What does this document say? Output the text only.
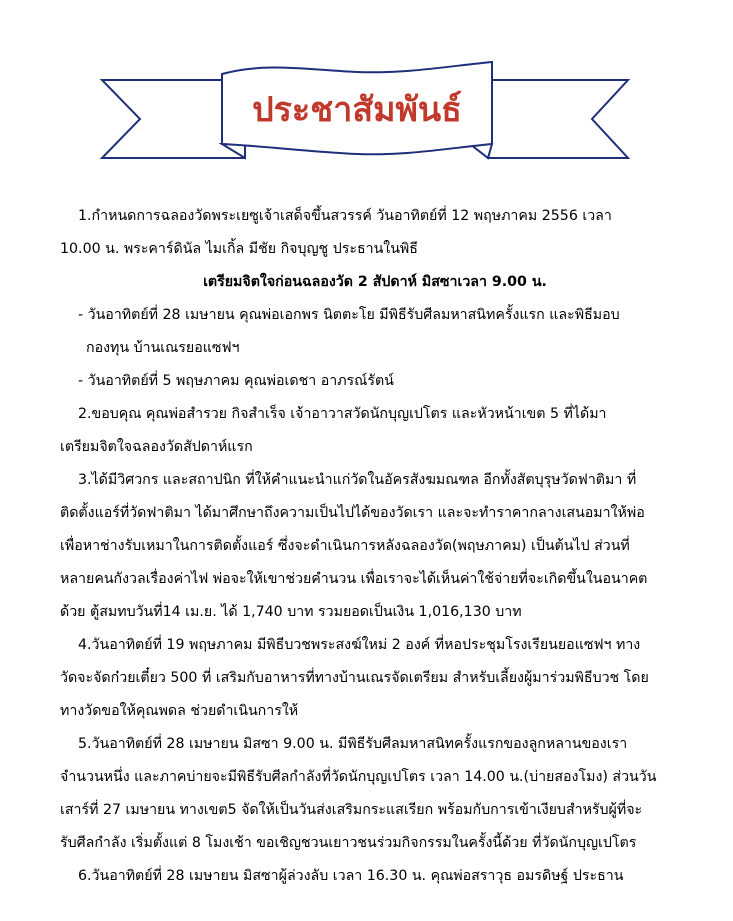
ประชาสัมพันธ์
1.กำหนดการฉลองวัดพระเยซูเจ้าเสด็จขึ้นสวรรค์ วันอาทิตย์ที่ 12 พฤษภาคม 2556 เวลา
10.00 น. พระคาร์ดินัล ไมเกิ้ล มีชัย กิจบุญชู ประธานในพิธี
เตรียมจิตใจก่อนฉลองวัด 2 สัปดาห์ มิสซาเวลา 9.00 น.
- วันอาทิตย์ที่ 28 เมษายน คุณพ่อเอกพร นิตตะโย มีพิธีรับศีลมหาสนิทครั้งแรก และพิธีมอบ
กองทุน บ้านเณรยอแซฟฯ
- วันอาทิตย์ที่ 5 พฤษภาคม คุณพ่อเดชา อาภรณ์รัตน์
2.ขอบคุณ คุณพ่อสำรวย กิจสำเร็จ เจ้าอาวาสวัดนักบุญเปโตร และหัวหน้าเขต 5 ที่ได้มา
เตรียมจิตใจฉลองวัดสัปดาห์แรก
3.ได้มีวิศวกร และสถาปนิก ที่ให้คำแนะนำแก่วัดในอัครสังฆมณฑล อีกทั้งสัตบุรุษวัดฟาติมา ที่
ติดตั้งแอร์ที่วัดฟาติมา ได้มาศึกษาถึงความเป็นไปได้ของวัดเรา และจะทำราคากลางเสนอมาให้พ่อ
เพื่อหาช่างรับเหมาในการติดตั้งแอร์ ซึ่งจะดำเนินการหลังฉลองวัด(พฤษภาคม) เป็นต้นไป ส่วนที่
หลายคนกังวลเรื่องค่าไฟ พ่อจะให้เขาช่วยคำนวน เพื่อเราจะได้เห็นค่าใช้จ่ายที่จะเกิดขึ้นในอนาคต
ด้วย ตู้สมทบวันที่14 เม.ย. ได้ 1,740 บาท รวมยอดเป็นเงิน 1,016,130 บาท
4.วันอาทิตย์ที่ 19 พฤษภาคม มีพิธีบวชพระสงฆ์ใหม่ 2 องค์ ที่หอประชุมโรงเรียนยอแซฟฯ ทาง
วัดจะจัดก๋วยเตี๋ยว 500 ที่ เสริมกับอาหารที่ทางบ้านเณรจัดเตรียม สำหรับเลี้ยงผู้มาร่วมพิธีบวช โดย
ทางวัดขอให้คุณพดล ช่วยดำเนินการให้
5.วันอาทิตย์ที่ 28 เมษายน มิสซา 9.00 น. มีพิธีรับศีลมหาสนิทครั้งแรกของลูกหลานของเรา
จำนวนหนึ่ง และภาคบ่ายจะมีพิธีรับศีลกำลังที่วัดนักบุญเปโตร เวลา 14.00 น.(บ่ายสองโมง) ส่วนวัน
เสาร์ที่ 27 เมษายน ทางเขต5 จัดให้เป็นวันส่งเสริมกระแสเรียก พร้อมกับการเข้าเงียบสำหรับผู้ที่จะ
รับศีลกำลัง เริ่มตั้งแต่ 8 โมงเช้า ขอเชิญชวนเยาวชนร่วมกิจกรรมในครั้งนี้ด้วย ที่วัดนักบุญเปโตร
6.วันอาทิตย์ที่ 28 เมษายน มิสซาผู้ล่วงลับ เวลา 16.30 น. คุณพ่อสราวุธ อมรดิษฐ์ ประธาน
